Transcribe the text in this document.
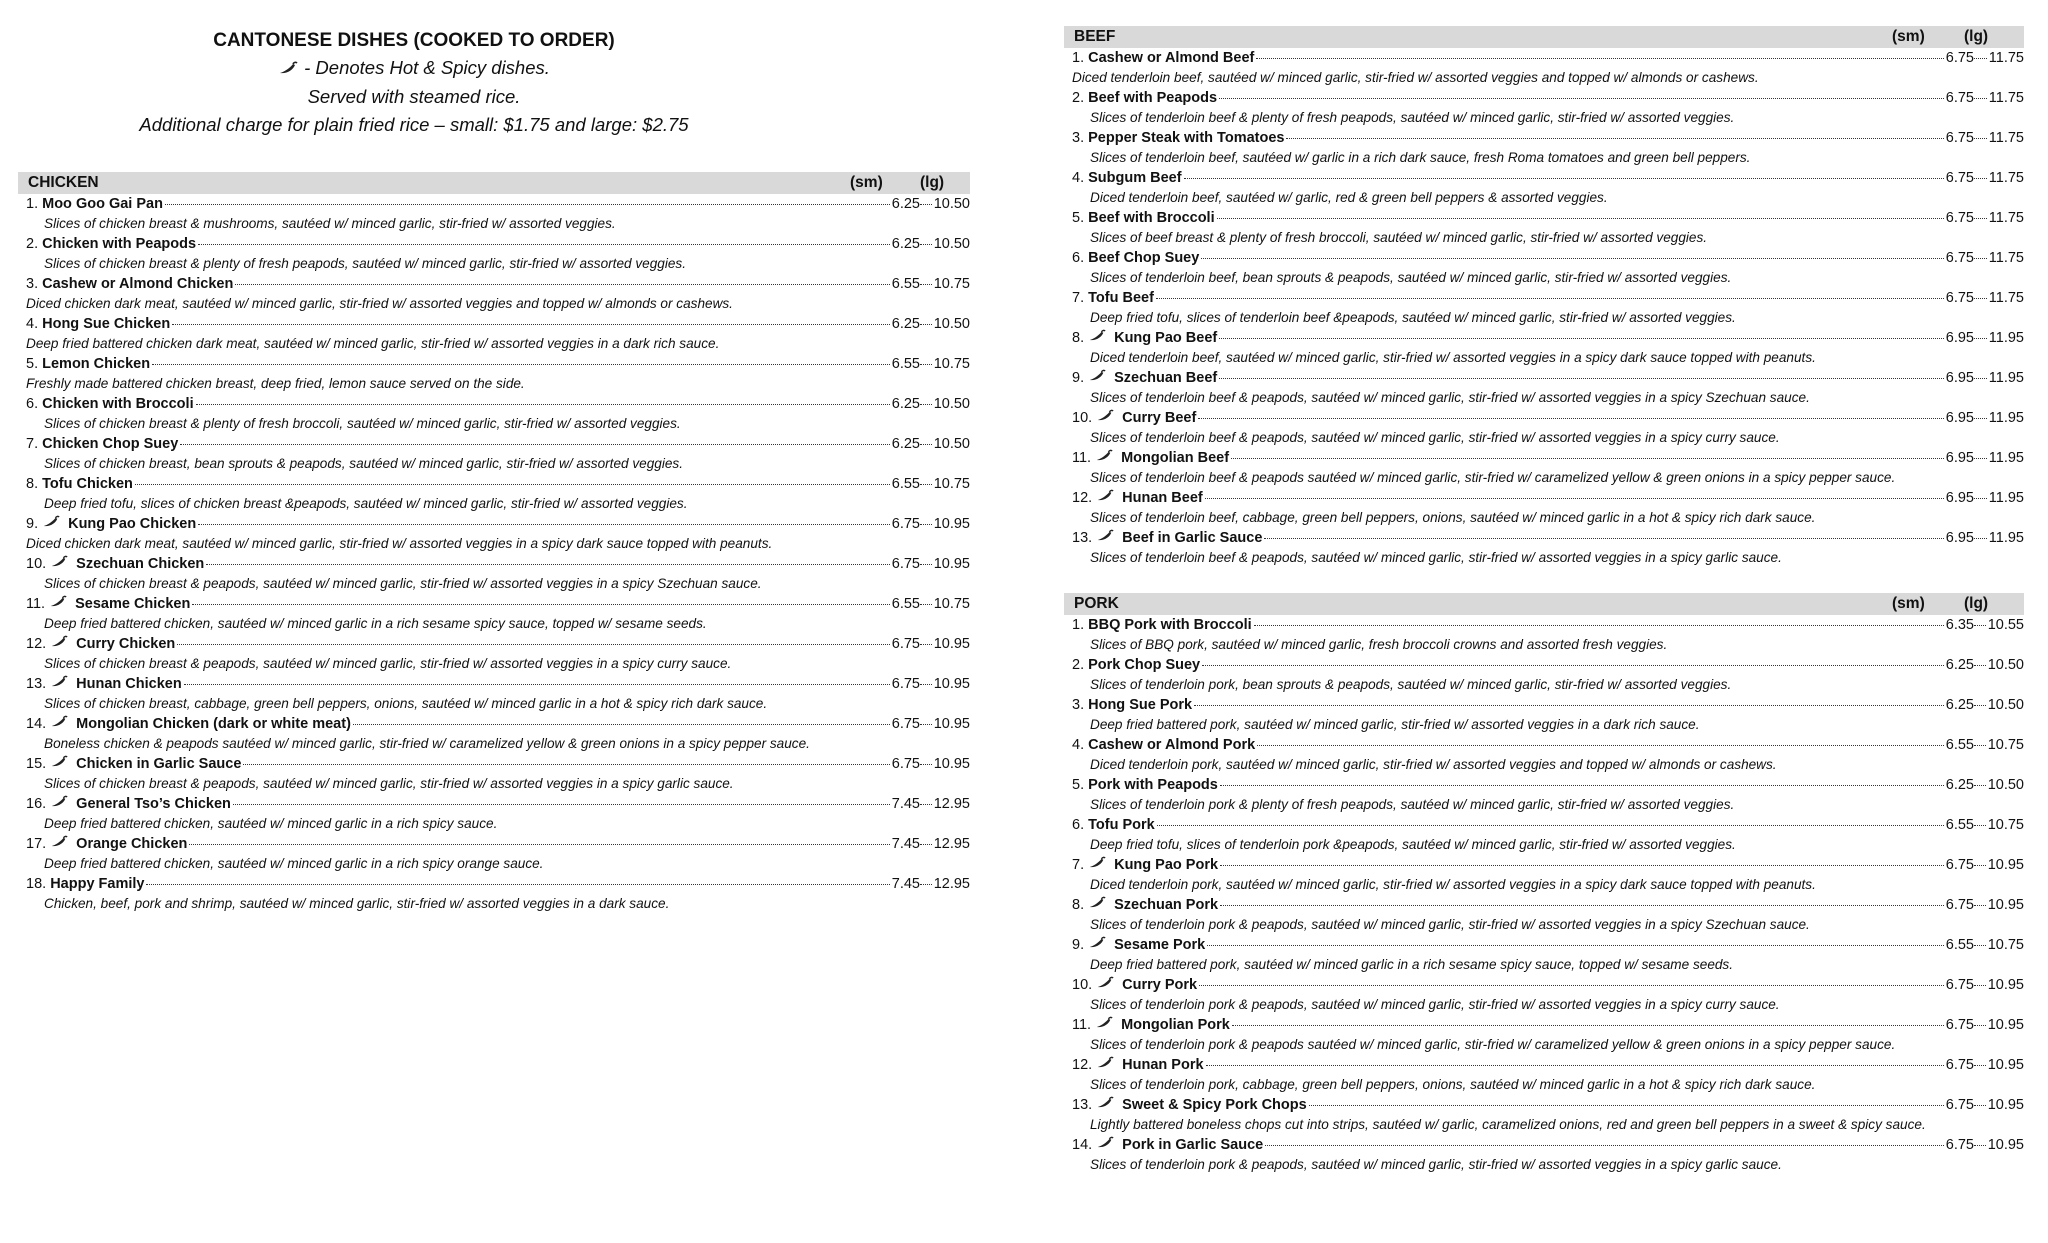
CANTONESE DISHES (COOKED TO ORDER)
- Denotes Hot & Spicy dishes.
Served with steamed rice.
Additional charge for plain fried rice – small: $1.75 and large: $2.75
CHICKEN	(sm) (lg)
1.
Moo Goo Gai Pan	6.25 10.50
Slices of chicken breast & mushrooms, sautéed w/ minced garlic, stir-fried w/ assorted veggies.
2.
Chicken with Peapods	6.25 10.50
Slices of chicken breast & plenty of fresh peapods, sautéed w/ minced garlic, stir-fried w/ assorted veggies.
3.
Cashew or Almond Chicken	6.55 10.75
Diced chicken dark meat, sautéed w/ minced garlic, stir-fried w/ assorted veggies and topped w/ almonds or cashews.
4.
Hong Sue Chicken	6.25 10.50
Deep fried battered chicken dark meat, sautéed w/ minced garlic, stir-fried w/ assorted veggies in a dark rich sauce.
5.
Lemon Chicken	6.55 10.75
Freshly made battered chicken breast, deep fried, lemon sauce served on the side.
6.
Chicken with Broccoli	6.25 10.50
Slices of chicken breast & plenty of fresh broccoli, sautéed w/ minced garlic, stir-fried w/ assorted veggies.
7.
Chicken Chop Suey	6.25 10.50
Slices of chicken breast, bean sprouts & peapods, sautéed w/ minced garlic, stir-fried w/ assorted veggies.
8.
Tofu Chicken	6.55 10.75
Deep fried tofu, slices of chicken breast &peapods, sautéed w/ minced garlic, stir-fried w/ assorted veggies.
9. Kung Pao Chicken	6.75 10.95
Diced chicken dark meat, sautéed w/ minced garlic, stir-fried w/ assorted veggies in a spicy dark sauce topped with peanuts.
10. Szechuan Chicken	6.75 10.95
Slices of chicken breast & peapods, sautéed w/ minced garlic, stir-fried w/ assorted veggies in a spicy Szechuan sauce.
11. Sesame Chicken	6.55 10.75
Deep fried battered chicken, sautéed w/ minced garlic in a rich sesame spicy sauce, topped w/ sesame seeds.
12. Curry Chicken	6.75 10.95
Slices of chicken breast & peapods, sautéed w/ minced garlic, stir-fried w/ assorted veggies in a spicy curry sauce.
13. Hunan Chicken	6.75 10.95
Slices of chicken breast, cabbage, green bell peppers, onions, sautéed w/ minced garlic in a hot & spicy rich dark sauce.
14. Mongolian Chicken (dark or white meat)	6.75 10.95
Boneless chicken & peapods sautéed w/ minced garlic, stir-fried w/ caramelized yellow & green onions in a spicy pepper sauce.
15. Chicken in Garlic Sauce	6.75 10.95
Slices of chicken breast & peapods, sautéed w/ minced garlic, stir-fried w/ assorted veggies in a spicy garlic sauce.
16. General Tso’s Chicken	7.45 12.95
Deep fried battered chicken, sautéed w/ minced garlic in a rich spicy sauce.
17. Orange Chicken	7.45 12.95
Deep fried battered chicken, sautéed w/ minced garlic in a rich spicy orange sauce.
18.
Happy Family	7.45 12.95
Chicken, beef, pork and shrimp, sautéed w/ minced garlic, stir-fried w/ assorted veggies in a dark sauce.
BEEF	(sm)	(lg)
1.
Cashew or Almond Beef	6.75 11.75
Diced tenderloin beef, sautéed w/ minced garlic, stir-fried w/ assorted veggies and topped w/ almonds or cashews.
2.
Beef with Peapods	6.75 11.75
Slices of tenderloin beef & plenty of fresh peapods, sautéed w/ minced garlic, stir-fried w/ assorted veggies.
3.
Pepper Steak with Tomatoes	6.75 11.75
Slices of tenderloin beef, sautéed w/ garlic in a rich dark sauce, fresh Roma tomatoes and green bell peppers.
4.
Subgum Beef	6.75 11.75
Diced tenderloin beef, sautéed w/ garlic, red & green bell peppers & assorted veggies.
5.
Beef with Broccoli	6.75 11.75
Slices of beef breast & plenty of fresh broccoli, sautéed w/ minced garlic, stir-fried w/ assorted veggies.
6.
Beef Chop Suey	6.75 11.75
Slices of tenderloin beef, bean sprouts & peapods, sautéed w/ minced garlic, stir-fried w/ assorted veggies.
7.
Tofu Beef	6.75 11.75
Deep fried tofu, slices of tenderloin beef &peapods, sautéed w/ minced garlic, stir-fried w/ assorted veggies.
8. Kung Pao Beef	6.95 11.95
Diced tenderloin beef, sautéed w/ minced garlic, stir-fried w/ assorted veggies in a spicy dark sauce topped with peanuts.
9. Szechuan Beef	6.95 11.95
Slices of tenderloin beef & peapods, sautéed w/ minced garlic, stir-fried w/ assorted veggies in a spicy Szechuan sauce.
10. Curry Beef	6.95 11.95
Slices of tenderloin beef & peapods, sautéed w/ minced garlic, stir-fried w/ assorted veggies in a spicy curry sauce.
11. Mongolian Beef	6.95 11.95
Slices of tenderloin beef & peapods sautéed w/ minced garlic, stir-fried w/ caramelized yellow & green onions in a spicy pepper sauce.
12. Hunan Beef	6.95 11.95
Slices of tenderloin beef, cabbage, green bell peppers, onions, sautéed w/ minced garlic in a hot & spicy rich dark sauce.
13. Beef in Garlic Sauce	6.95 11.95
Slices of tenderloin beef & peapods, sautéed w/ minced garlic, stir-fried w/ assorted veggies in a spicy garlic sauce.
PORK	(sm)	(lg)
1.
BBQ Pork with Broccoli	6.35 10.55
Slices of BBQ pork, sautéed w/ minced garlic, fresh broccoli crowns and assorted fresh veggies.
2.
Pork Chop Suey	6.25 10.50
Slices of tenderloin pork, bean sprouts & peapods, sautéed w/ minced garlic, stir-fried w/ assorted veggies.
3.
Hong Sue Pork	6.25 10.50
Deep fried battered pork, sautéed w/ minced garlic, stir-fried w/ assorted veggies in a dark rich sauce.
4.
Cashew or Almond Pork	6.55 10.75
Diced tenderloin pork, sautéed w/ minced garlic, stir-fried w/ assorted veggies and topped w/ almonds or cashews.
5.
Pork with Peapods	6.25 10.50
Slices of tenderloin pork & plenty of fresh peapods, sautéed w/ minced garlic, stir-fried w/ assorted veggies.
6.
Tofu Pork	6.55 10.75
Deep fried tofu, slices of tenderloin pork &peapods, sautéed w/ minced garlic, stir-fried w/ assorted veggies.
7. Kung Pao Pork	6.75 10.95
Diced tenderloin pork, sautéed w/ minced garlic, stir-fried w/ assorted veggies in a spicy dark sauce topped with peanuts.
8. Szechuan Pork	6.75 10.95
Slices of tenderloin pork & peapods, sautéed w/ minced garlic, stir-fried w/ assorted veggies in a spicy Szechuan sauce.
9. Sesame Pork	6.55 10.75
Deep fried battered pork, sautéed w/ minced garlic in a rich sesame spicy sauce, topped w/ sesame seeds.
10. Curry Pork	6.75 10.95
Slices of tenderloin pork & peapods, sautéed w/ minced garlic, stir-fried w/ assorted veggies in a spicy curry sauce.
11. Mongolian Pork	6.75 10.95
Slices of tenderloin pork & peapods sautéed w/ minced garlic, stir-fried w/ caramelized yellow & green onions in a spicy pepper sauce.
12. Hunan Pork	6.75 10.95
Slices of tenderloin pork, cabbage, green bell peppers, onions, sautéed w/ minced garlic in a hot & spicy rich dark sauce.
13. Sweet & Spicy Pork Chops	6.75 10.95
Lightly battered boneless chops cut into strips, sautéed w/ garlic, caramelized onions, red and green bell peppers in a sweet & spicy sauce.
14. Pork in Garlic Sauce	6.75 10.95
Slices of tenderloin pork & peapods, sautéed w/ minced garlic, stir-fried w/ assorted veggies in a spicy garlic sauce.
